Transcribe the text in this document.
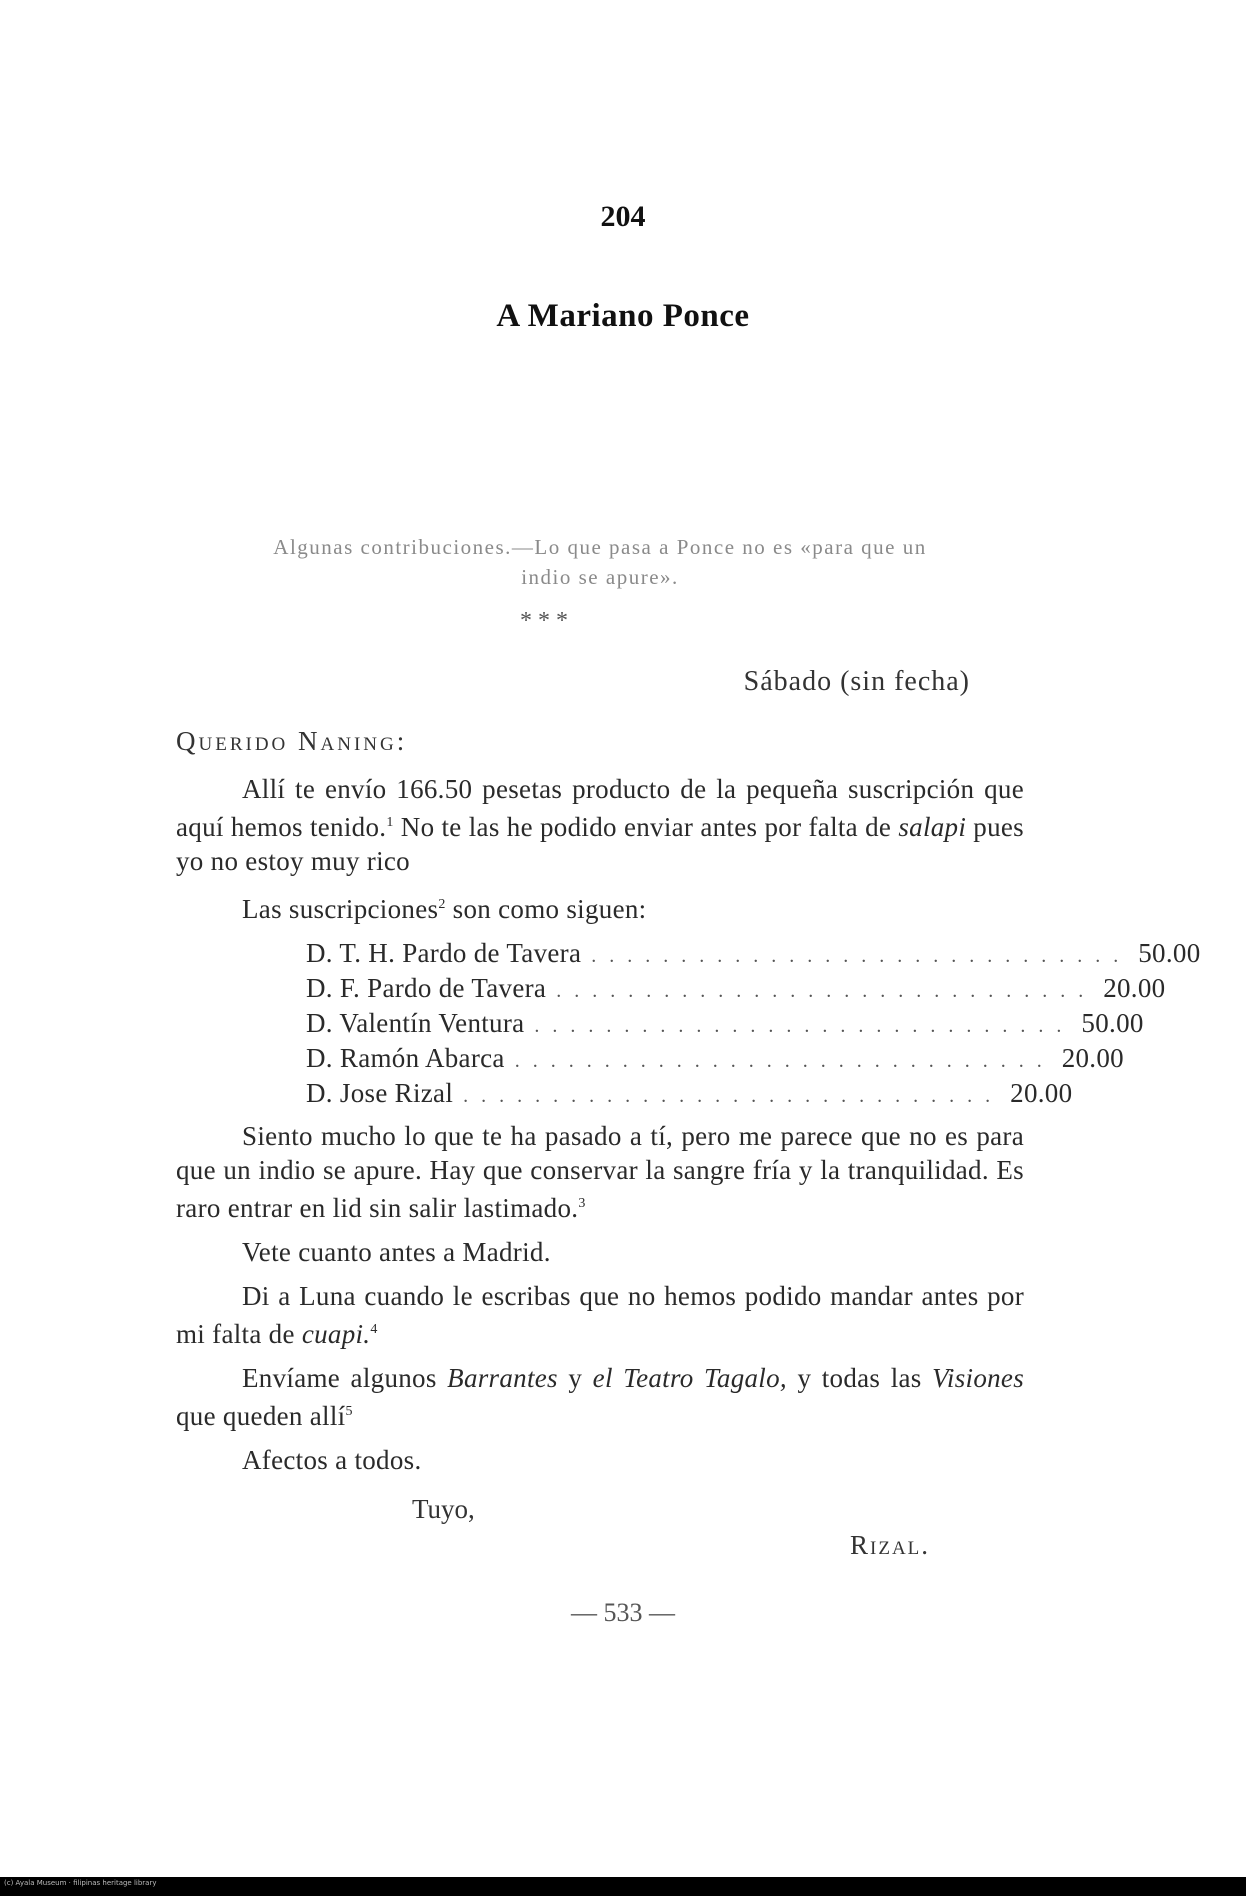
204
A Mariano Ponce
Algunas contribuciones.—Lo que pasa a Ponce no es «para que un indio se apure».
* * *
Sábado (sin fecha)
Querido Naning:

Allí te envío 166.50 pesetas producto de la pequeña suscripción que aquí hemos tenido.$^1$ No te las he podido enviar antes por falta de salapi pues yo no estoy muy rico

Las suscripciones$^2$ son como siguen:

D. T. H. Pardo de Tavera . . . . . . . . . . . . . . . . . . . . . . . . . . . . . . 50.00
D. F. Pardo de Tavera . . . . . . . . . . . . . . . . . . . . . . . . . . . . . . 20.00
D. Valentín Ventura . . . . . . . . . . . . . . . . . . . . . . . . . . . . . . 50.00
D. Ramón Abarca . . . . . . . . . . . . . . . . . . . . . . . . . . . . . . 20.00
D. Jose Rizal . . . . . . . . . . . . . . . . . . . . . . . . . . . . . . 20.00

Siento mucho lo que te ha pasado a tí, pero me parece que no es para que un indio se apure. Hay que conservar la sangre fría y la tranquilidad. Es raro entrar en lid sin salir lastimado.$^3$

Vete cuanto antes a Madrid.

Di a Luna cuando le escribas que no hemos podido mandar antes por mi falta de cuapi.$^4$

Envíame algunos Barrantes y el Teatro Tagalo, y todas las Visiones que queden allí$^5$

Afectos a todos.

Tuyo,
Rizal.
— 533 —
(c) Ayala Museum · filipinas heritage library
